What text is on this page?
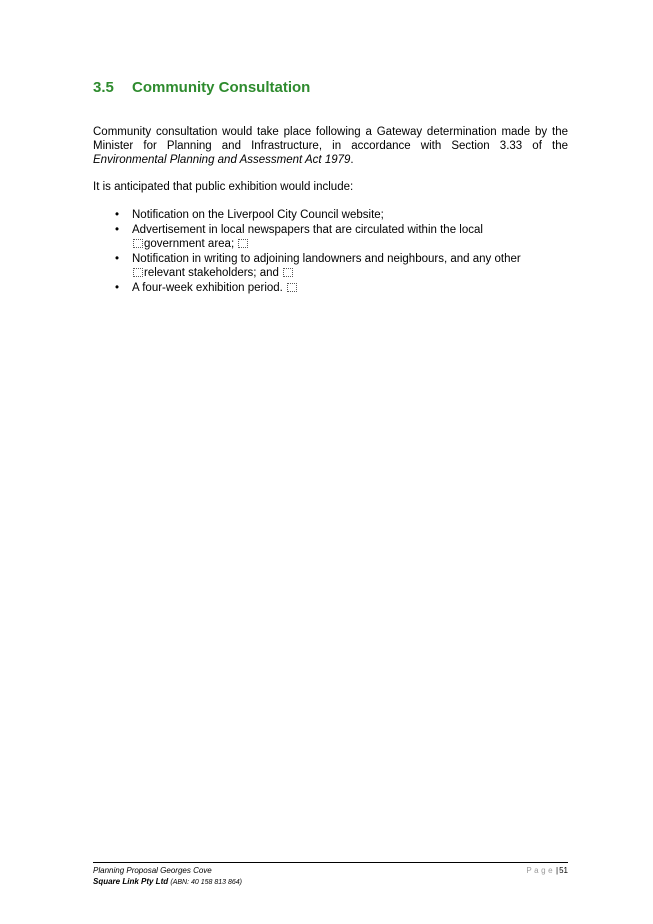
3.5 Community Consultation

Community consultation would take place following a Gateway determination made by the Minister for Planning and Infrastructure, in accordance with Section 3.33 of the Environmental Planning and Assessment Act 1979.

It is anticipated that public exhibition would include:

• Notification on the Liverpool City Council website;
• Advertisement in local newspapers that are circulated within the local
government area;
• Notification in writing to adjoining landowners and neighbours, and any other
relevant stakeholders; and
• A four-week exhibition period.
Planning Proposal Georges Cove
Square Link Pty Ltd (ABN: 40 158 813 864)
Page|51
